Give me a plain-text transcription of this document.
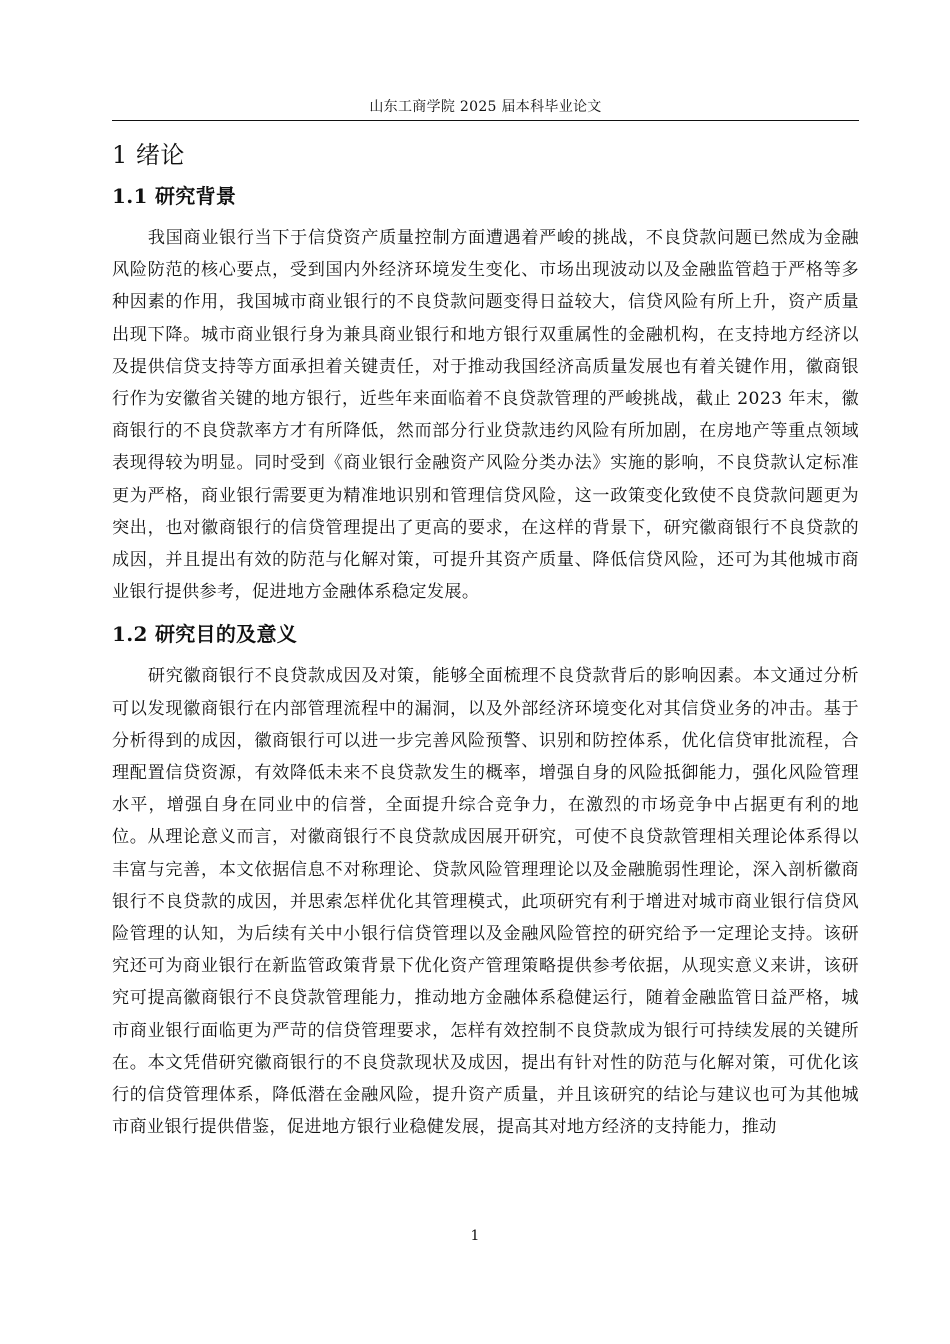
山东工商学院 2025 届本科毕业论文
1 绪论
1.1 研究背景

我国商业银行当下于信贷资产质量控制方面遭遇着严峻的挑战，不良贷款问题已然成为金融风险防范的核心要点，受到国内外经济环境发生变化、市场出现波动以及金融监管趋于严格等多种因素的作用，我国城市商业银行的不良贷款问题变得日益较大，信贷风险有所上升，资产质量出现下降。城市商业银行身为兼具商业银行和地方银行双重属性的金融机构，在支持地方经济以及提供信贷支持等方面承担着关键责任，对于推动我国经济高质量发展也有着关键作用，徽商银行作为安徽省关键的地方银行，近些年来面临着不良贷款管理的严峻挑战，截止 2023 年末，徽商银行的不良贷款率方才有所降低，然而部分行业贷款违约风险有所加剧，在房地产等重点领域表现得较为明显。同时受到《商业银行金融资产风险分类办法》实施的影响，不良贷款认定标准更为严格，商业银行需要更为精准地识别和管理信贷风险，这一政策变化致使不良贷款问题更为突出，也对徽商银行的信贷管理提出了更高的要求，在这样的背景下，研究徽商银行不良贷款的成因，并且提出有效的防范与化解对策，可提升其资产质量、降低信贷风险，还可为其他城市商业银行提供参考，促进地方金融体系稳定发展。

1.2 研究目的及意义

研究徽商银行不良贷款成因及对策，能够全面梳理不良贷款背后的影响因素。本文通过分析可以发现徽商银行在内部管理流程中的漏洞，以及外部经济环境变化对其信贷业务的冲击。基于分析得到的成因，徽商银行可以进一步完善风险预警、识别和防控体系，优化信贷审批流程，合理配置信贷资源，有效降低未来不良贷款发生的概率，增强自身的风险抵御能力，强化风险管理水平，增强自身在同业中的信誉，全面提升综合竞争力，在激烈的市场竞争中占据更有利的地位。从理论意义而言，对徽商银行不良贷款成因展开研究，可使不良贷款管理相关理论体系得以丰富与完善，本文依据信息不对称理论、贷款风险管理理论以及金融脆弱性理论，深入剖析徽商银行不良贷款的成因，并思索怎样优化其管理模式，此项研究有利于增进对城市商业银行信贷风险管理的认知，为后续有关中小银行信贷管理以及金融风险管控的研究给予一定理论支持。该研究还可为商业银行在新监管政策背景下优化资产管理策略提供参考依据，从现实意义来讲，该研究可提高徽商银行不良贷款管理能力，推动地方金融体系稳健运行，随着金融监管日益严格，城市商业银行面临更为严苛的信贷管理要求，怎样有效控制不良贷款成为银行可持续发展的关键所在。本文凭借研究徽商银行的不良贷款现状及成因，提出有针对性的防范与化解对策，可优化该行的信贷管理体系，降低潜在金融风险，提升资产质量，并且该研究的结论与建议也可为其他城市商业银行提供借鉴，促进地方银行业稳健发展，提高其对地方经济的支持能力，推动

1
